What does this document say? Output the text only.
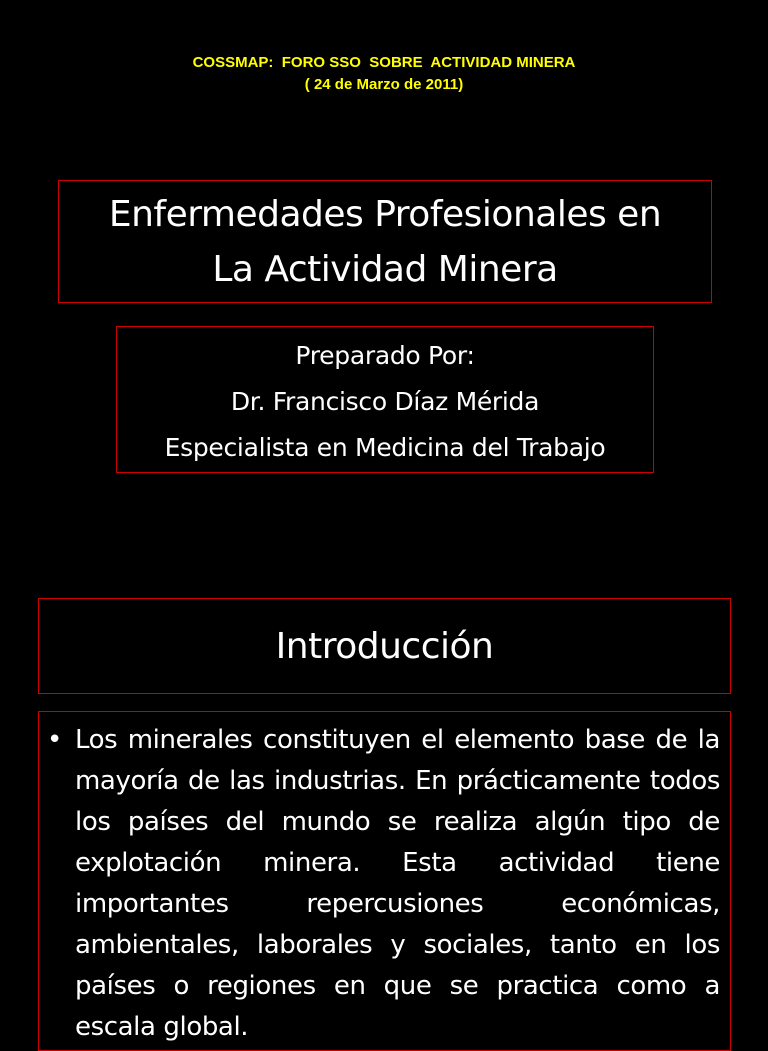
COSSMAP:  FORO SSO  SOBRE  ACTIVIDAD MINERA
( 24 de Marzo de 2011)
Enfermedades Profesionales en
La Actividad Minera
Preparado Por:
Dr. Francisco Díaz Mérida
Especialista en Medicina del Trabajo
Introducción
• Los minerales constituyen el elemento base de la mayoría de las industrias. En prácticamente todos los países del mundo se realiza algún tipo de explotación minera. Esta actividad tiene importantes repercusiones económicas, ambientales, laborales y sociales, tanto en los países o regiones en que se practica como a escala global.
